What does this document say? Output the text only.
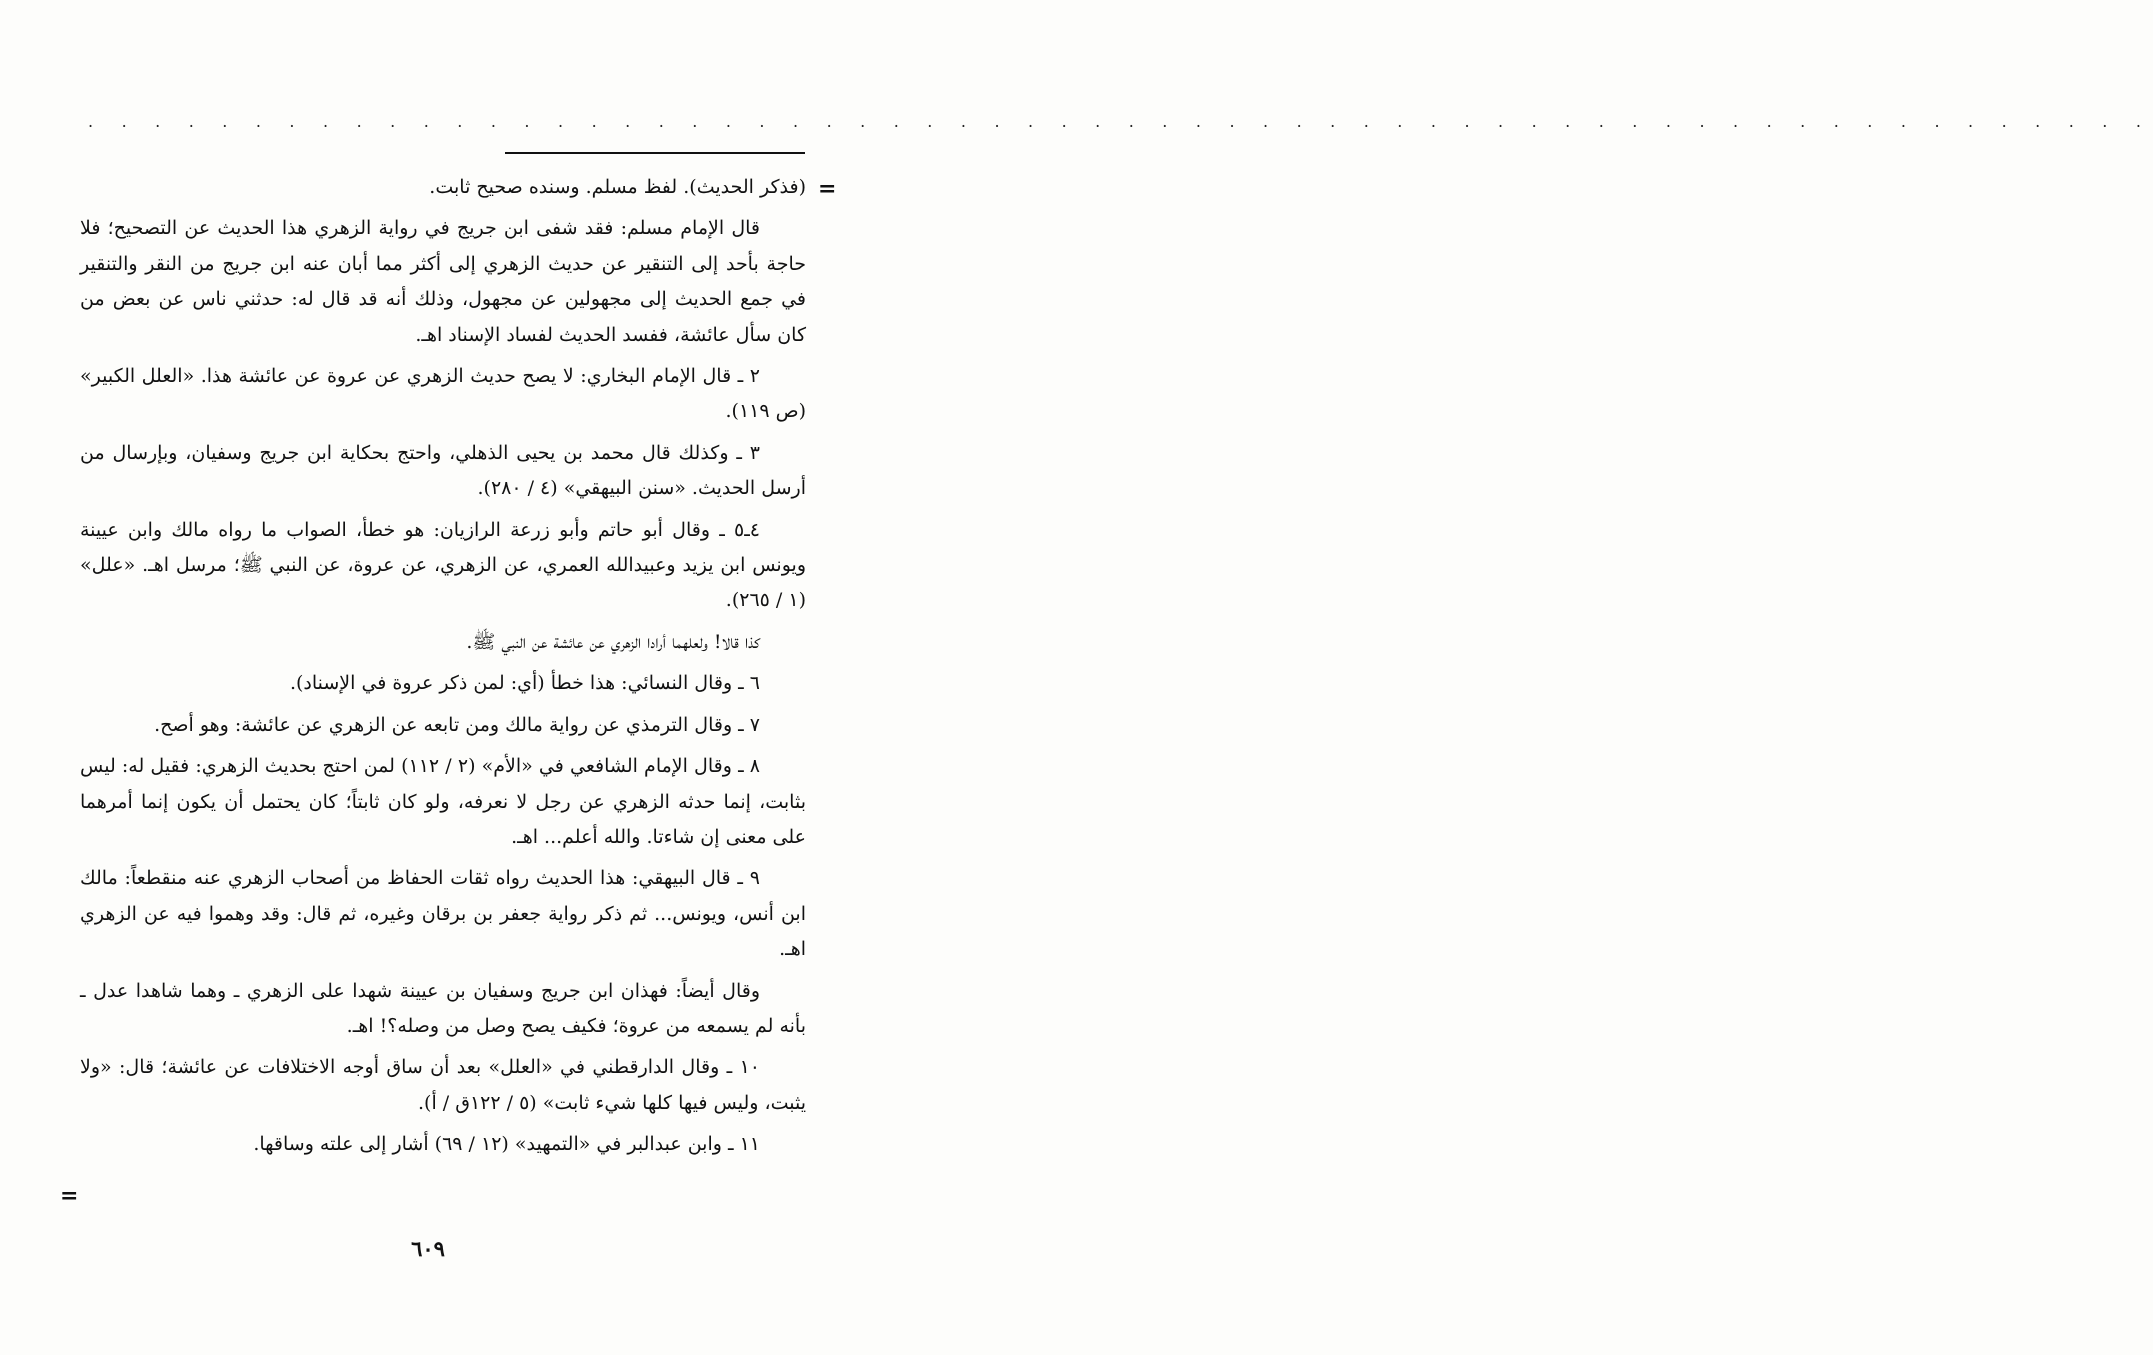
. . . . . . . . . . . . . . . . . . . . . . . . . . . . . . . . . . . . . . . . . . . . . . . . . . . . . . . . . . . . . .
=

(فذكر الحديث). لفظ مسلم. وسنده صحيح ثابت.

قال الإمام مسلم: فقد شفى ابن جريج في رواية الزهري هذا الحديث عن التصحيح؛ فلا حاجة بأحد إلى التنقير عن حديث الزهري إلى أكثر مما أبان عنه ابن جريج من النقر والتنقير في جمع الحديث إلى مجهولين عن مجهول، وذلك أنه قد قال له: حدثني ناس عن بعض من كان سأل عائشة، ففسد الحديث لفساد الإسناد اهـ.

٢ ـ قال الإمام البخاري: لا يصح حديث الزهري عن عروة عن عائشة هذا. «العلل الكبير» (ص ١١٩).

٣ ـ وكذلك قال محمد بن يحيى الذهلي، واحتج بحكاية ابن جريج وسفيان، وبإرسال من أرسل الحديث. «سنن البيهقي» (٤ / ٢٨٠).

٤ـ٥ ـ وقال أبو حاتم وأبو زرعة الرازيان: هو خطأ، الصواب ما رواه مالك وابن عيينة ويونس ابن يزيد وعبيدالله العمري، عن الزهري، عن عروة، عن النبي ﷺ؛ مرسل اهـ. «علل» (١ / ٢٦٥).

كذا قالا! ولعلهما أرادا الزهري عن عائشة عن النبي ﷺ.

٦ ـ وقال النسائي: هذا خطأ (أي: لمن ذكر عروة في الإسناد).

٧ ـ وقال الترمذي عن رواية مالك ومن تابعه عن الزهري عن عائشة: وهو أصح.

٨ ـ وقال الإمام الشافعي في «الأم» (٢ / ١١٢) لمن احتج بحديث الزهري: فقيل له: ليس بثابت، إنما حدثه الزهري عن رجل لا نعرفه، ولو كان ثابتاً؛ كان يحتمل أن يكون إنما أمرهما على معنى إن شاءتا. والله أعلم... اهـ.

٩ ـ قال البيهقي: هذا الحديث رواه ثقات الحفاظ من أصحاب الزهري عنه منقطعاً: مالك ابن أنس، ويونس... ثم ذكر رواية جعفر بن برقان وغيره، ثم قال: وقد وهموا فيه عن الزهري اهـ.

وقال أيضاً: فهذان ابن جريج وسفيان بن عيينة شهدا على الزهري ـ وهما شاهدا عدل ـ بأنه لم يسمعه من عروة؛ فكيف يصح وصل من وصله؟! اهـ.

١٠ ـ وقال الدارقطني في «العلل» بعد أن ساق أوجه الاختلافات عن عائشة؛ قال: «ولا يثبت، وليس فيها كلها شيء ثابت» (٥ / ١٢٢ق / أ).

١١ ـ وابن عبدالبر في «التمهيد» (١٢ / ٦٩) أشار إلى علته وساقها.

=
٦٠٩
